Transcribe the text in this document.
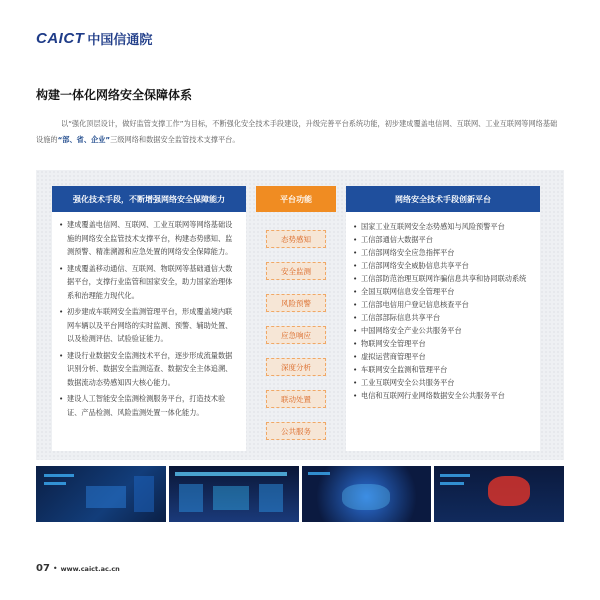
CAICT 中国信通院
构建一体化网络安全保障体系

以“强化顶层设计，做好监管支撑工作”为目标，不断强化安全技术手段建设，升级完善平台系统功能，初步建成覆盖电信网、互联网、工业互联网等网络基础设施的“部、省、企业”三级网络和数据安全监管技术支撑平台。

强化技术手段，不断增强网络安全保障能力
• 建成覆盖电信网、互联网、工业互联网等网络基础设施的网络安全监管技术支撑平台，构建态势感知、监测预警、精准溯源和应急处置的网络安全保障能力。
• 建成覆盖移动通信、互联网、物联网等基础通信大数据平台，支撑行业监管和国家安全，助力国家治理体系和治理能力现代化。
• 初步建成车联网安全监测管理平台，形成覆盖境内联网车辆以及平台网络的实时监测、预警、辅助处置、以及检测评估、试验验证能力。
• 建设行业数据安全监测技术平台，逐步形成流量数据识别分析、数据安全监测巡查、数据安全主体追溯、数据流动态势感知四大核心能力。
• 建设人工智能安全监测检测服务平台，打造技术验证、产品检测、风险监测处置一体化能力。
平台功能
态势感知
安全监测
风险预警
应急响应
深度分析
联动处置
公共服务
网络安全技术手段创新平台
• 国家工业互联网安全态势感知与风险预警平台
• 工信部通信大数据平台
• 工信部网络安全应急指挥平台
• 工信部网络安全威胁信息共享平台
• 工信部防范治理互联网诈骗信息共享和协同联动系统
• 全国互联网信息安全管理平台
• 工信部电信用户登记信息核查平台
• 工信部部际信息共享平台
• 中国网络安全产业公共服务平台
• 物联网安全管理平台
• 虚拟运营商管理平台
• 车联网安全监测和管理平台
• 工业互联网安全公共服务平台
• 电信和互联网行业网络数据安全公共服务平台
07 • www.caict.ac.cn
